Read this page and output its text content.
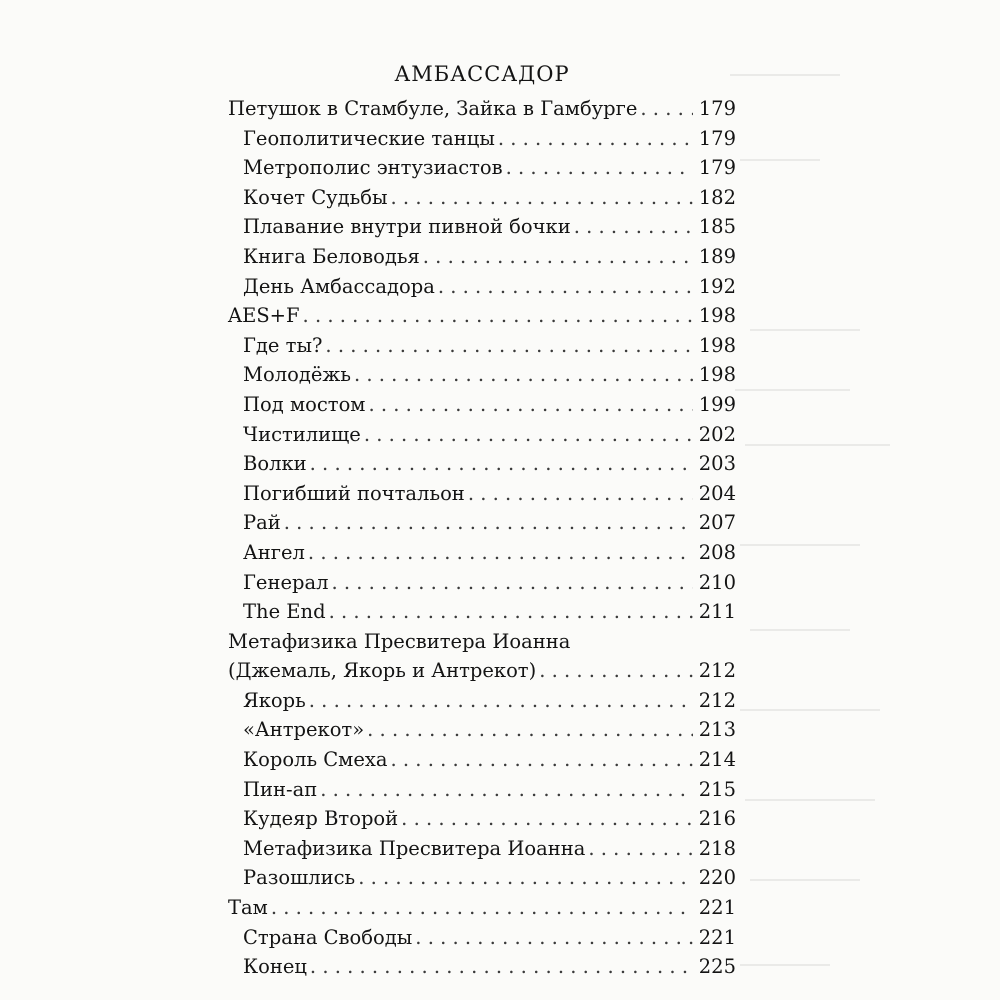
АМБАССАДОР
Петушок в Стамбуле, Зайка в Гамбурге . . .	179
Геополитические танцы . . .	179
Метрополис энтузиастов . . .	179
Кочет Судьбы . . .	182
Плавание внутри пивной бочки . . .	185
Книга Беловодья . . .	189
День Амбассадора . . .	192
AES+F . . .	198
Где ты? . . .	198
Молодёжь . . .	198
Под мостом . . .	199
Чистилище . . .	202
Волки . . .	203
Погибший почтальон . . .	204
Рай . . .	207
Ангел . . .	208
Генерал . . .	210
The End . . .	211
Метафизика Пресвитера Иоанна
(Джемаль, Якорь и Антрекот) . . .	212
Якорь . . .	212
«Антрекот» . . .	213
Король Смеха . . .	214
Пин-ап . . .	215
Кудеяр Второй . . .	216
Метафизика Пресвитера Иоанна . . .	218
Разошлись . . .	220
Там . . .	221
Страна Свободы . . .	221
Конец . . .	225
